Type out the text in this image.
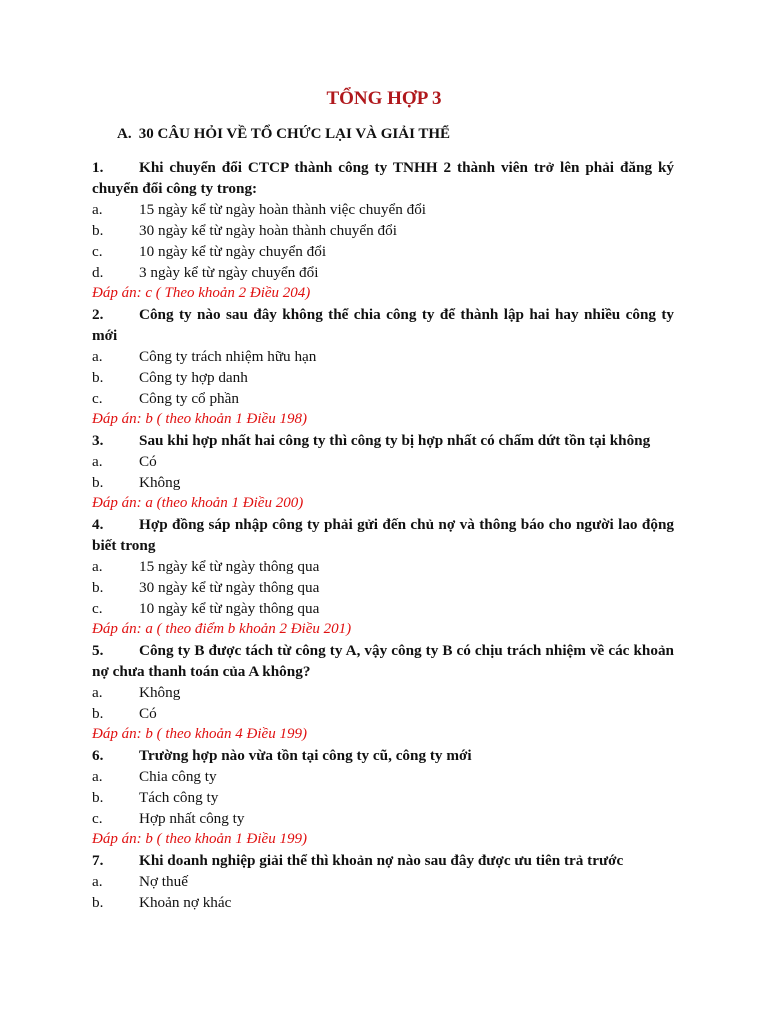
TỔNG HỢP 3
A. 30 CÂU HỎI VỀ TỔ CHỨC LẠI VÀ GIẢI THỂ
1. Khi chuyển đổi CTCP thành công ty TNHH 2 thành viên trở lên phải đăng ký chuyển đổi công ty trong:
a.	15 ngày kể từ ngày hoàn thành việc chuyển đổi
b.	30 ngày kể từ ngày hoàn thành chuyển đổi
c.	10 ngày kể từ ngày chuyển đổi
d.	3 ngày kể từ ngày chuyển đổi
Đáp án: c ( Theo khoản 2 Điều 204)
2. Công ty nào sau đây không thể chia công ty để thành lập hai hay nhiều công ty mới
a.	Công ty trách nhiệm hữu hạn
b.	Công ty hợp danh
c.	Công ty cổ phần
Đáp án: b ( theo khoản 1 Điều 198)
3. Sau khi hợp nhất hai công ty thì công ty bị hợp nhất có chấm dứt tồn tại không
a.	Có
b.	Không
Đáp án: a (theo khoản 1 Điều 200)
4. Hợp đồng sáp nhập công ty phải gửi đến chủ nợ và thông báo cho người lao động biết trong
a.	15 ngày kể từ ngày thông qua
b.	30 ngày kể từ ngày thông qua
c.	10 ngày kể từ ngày thông qua
Đáp án: a ( theo điểm b khoản 2 Điều 201)
5. Công ty B được tách từ công ty A, vậy công ty B có chịu trách nhiệm về các khoản nợ chưa thanh toán của A không?
a.	Không
b.	Có
Đáp án: b ( theo khoản 4 Điều 199)
6. Trường hợp nào vừa tồn tại công ty cũ, công ty mới
a.	Chia công ty
b.	Tách công ty
c.	Hợp nhất công ty
Đáp án: b ( theo khoản 1 Điều 199)
7. Khi doanh nghiệp giải thể thì khoản nợ nào sau đây được ưu tiên trả trước
a.	Nợ thuế
b.	Khoản nợ khác
